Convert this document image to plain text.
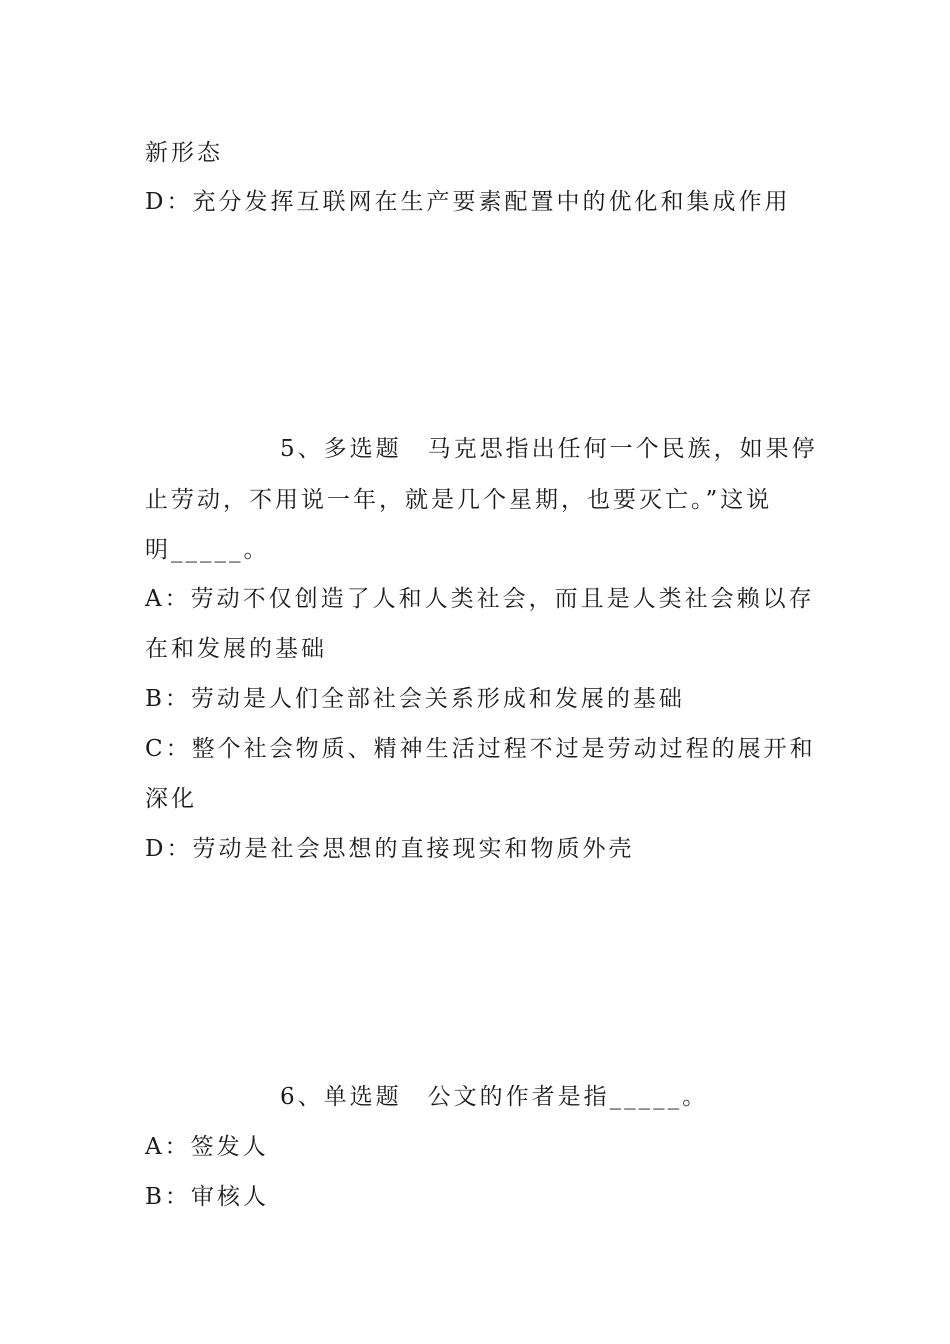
新形态
D：充分发挥互联网在生产要素配置中的优化和集成作用
5、多选题　马克思指出任何一个民族，如果停
止劳动，不用说一年，就是几个星期，也要灭亡。”这说
明_____。
A：劳动不仅创造了人和人类社会，而且是人类社会赖以存
在和发展的基础
B：劳动是人们全部社会关系形成和发展的基础
C：整个社会物质、精神生活过程不过是劳动过程的展开和
深化
D：劳动是社会思想的直接现实和物质外壳
6、单选题　公文的作者是指_____。
A：签发人
B：审核人
